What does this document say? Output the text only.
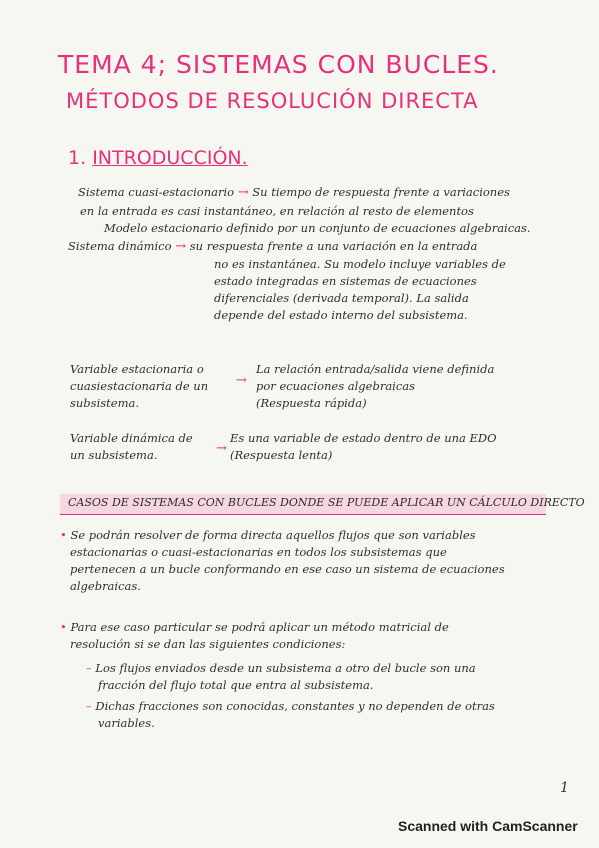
TEMA 4; SISTEMAS CON BUCLES.
MÉTODOS DE RESOLUCIÓN DIRECTA
1. INTRODUCCIÓN.
Sistema cuasi-estacionario → Su tiempo de respuesta frente a variaciones
en la entrada es casi instantáneo, en relación al resto de elementos
Modelo estacionario definido por un conjunto de ecuaciones algebraicas.
Sistema dinámico → su respuesta frente a una variación en la entrada
no es instantánea. Su modelo incluye variables de
estado integradas en sistemas de ecuaciones
diferenciales (derivada temporal). La salida
depende del estado interno del subsistema.
Variable estacionaria o
cuasiestacionaria de un
subsistema.
→
La relación entrada/salida viene definida
por ecuaciones algebraicas
(Respuesta rápida)
Variable dinámica de
un subsistema.	→
Es una variable de estado dentro de una EDO
(Respuesta lenta)
CASOS DE SISTEMAS CON BUCLES DONDE SE PUEDE APLICAR UN CÁLCULO DIRECTO
• Se podrán resolver de forma directa aquellos flujos que son variables
estacionarias o cuasi-estacionarias en todos los subsistemas que
pertenecen a un bucle conformando en ese caso un sistema de ecuaciones
algebraicas.
• Para ese caso particular se podrá aplicar un método matricial de
resolución si se dan las siguientes condiciones:
– Los flujos enviados desde un subsistema a otro del bucle son una
fracción del flujo total que entra al subsistema.
– Dichas fracciones son conocidas, constantes y no dependen de otras
variables.
1
Scanned with CamScanner
